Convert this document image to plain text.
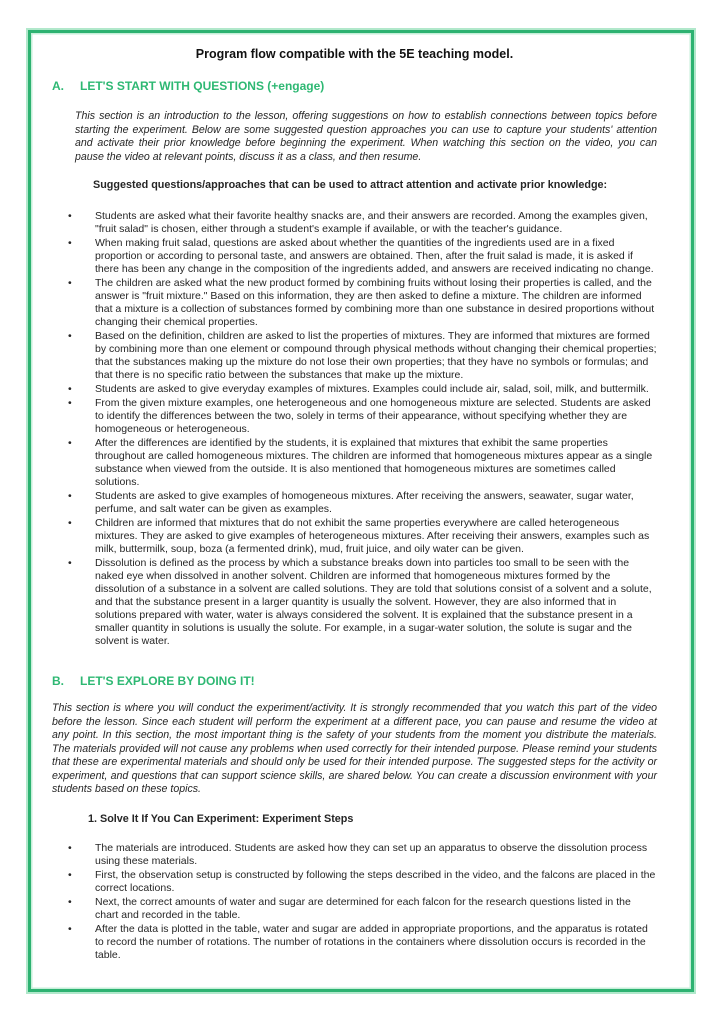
Program flow compatible with the 5E teaching model.
A.	LET'S START WITH QUESTIONS (+engage)

This section is an introduction to the lesson, offering suggestions on how to establish connections between topics before starting the experiment. Below are some suggested question approaches you can use to capture your students' attention and activate their prior knowledge before beginning the experiment. When watching this section on the video, you can pause the video at relevant points, discuss it as a class, and then resume.

Suggested questions/approaches that can be used to attract attention and activate prior knowledge:

• Students are asked what their favorite healthy snacks are, and their answers are recorded. Among the examples given, "fruit salad" is chosen, either through a student's example if available, or with the teacher's guidance.
• When making fruit salad, questions are asked about whether the quantities of the ingredients used are in a fixed proportion or according to personal taste, and answers are obtained. Then, after the fruit salad is made, it is asked if there has been any change in the composition of the ingredients added, and answers are received indicating no change.
• The children are asked what the new product formed by combining fruits without losing their properties is called, and the answer is "fruit mixture." Based on this information, they are then asked to define a mixture. The children are informed that a mixture is a collection of substances formed by combining more than one substance in desired proportions without changing their chemical properties.
• Based on the definition, children are asked to list the properties of mixtures. They are informed that mixtures are formed by combining more than one element or compound through physical methods without changing their chemical properties; that the substances making up the mixture do not lose their own properties; that they have no symbols or formulas; and that there is no specific ratio between the substances that make up the mixture.
• Students are asked to give everyday examples of mixtures. Examples could include air, salad, soil, milk, and buttermilk.
• From the given mixture examples, one heterogeneous and one homogeneous mixture are selected. Students are asked to identify the differences between the two, solely in terms of their appearance, without specifying whether they are homogeneous or heterogeneous.
• After the differences are identified by the students, it is explained that mixtures that exhibit the same properties throughout are called homogeneous mixtures. The children are informed that homogeneous mixtures appear as a single substance when viewed from the outside. It is also mentioned that homogeneous mixtures are sometimes called solutions.
• Students are asked to give examples of homogeneous mixtures. After receiving the answers, seawater, sugar water, perfume, and salt water can be given as examples.
• Children are informed that mixtures that do not exhibit the same properties everywhere are called heterogeneous mixtures. They are asked to give examples of heterogeneous mixtures. After receiving their answers, examples such as milk, buttermilk, soup, boza (a fermented drink), mud, fruit juice, and oily water can be given.
• Dissolution is defined as the process by which a substance breaks down into particles too small to be seen with the naked eye when dissolved in another solvent. Children are informed that homogeneous mixtures formed by the dissolution of a substance in a solvent are called solutions. They are told that solutions consist of a solvent and a solute, and that the substance present in a larger quantity is usually the solvent. However, they are also informed that in solutions prepared with water, water is always considered the solvent. It is explained that the substance present in a smaller quantity in solutions is usually the solute. For example, in a sugar-water solution, the solute is sugar and the solvent is water.
B.	LET'S EXPLORE BY DOING IT!

This section is where you will conduct the experiment/activity. It is strongly recommended that you watch this part of the video before the lesson. Since each student will perform the experiment at a different pace, you can pause and resume the video at any point. In this section, the most important thing is the safety of your students from the moment you distribute the materials. The materials provided will not cause any problems when used correctly for their intended purpose. Please remind your students that these are experimental materials and should only be used for their intended purpose. The suggested steps for the activity or experiment, and questions that can support science skills, are shared below. You can create a discussion environment with your students based on these topics.

1. Solve It If You Can Experiment: Experiment Steps

• The materials are introduced. Students are asked how they can set up an apparatus to observe the dissolution process using these materials.
• First, the observation setup is constructed by following the steps described in the video, and the falcons are placed in the correct locations.
• Next, the correct amounts of water and sugar are determined for each falcon for the research questions listed in the chart and recorded in the table.
• After the data is plotted in the table, water and sugar are added in appropriate proportions, and the apparatus is rotated to record the number of rotations. The number of rotations in the containers where dissolution occurs is recorded in the table.
